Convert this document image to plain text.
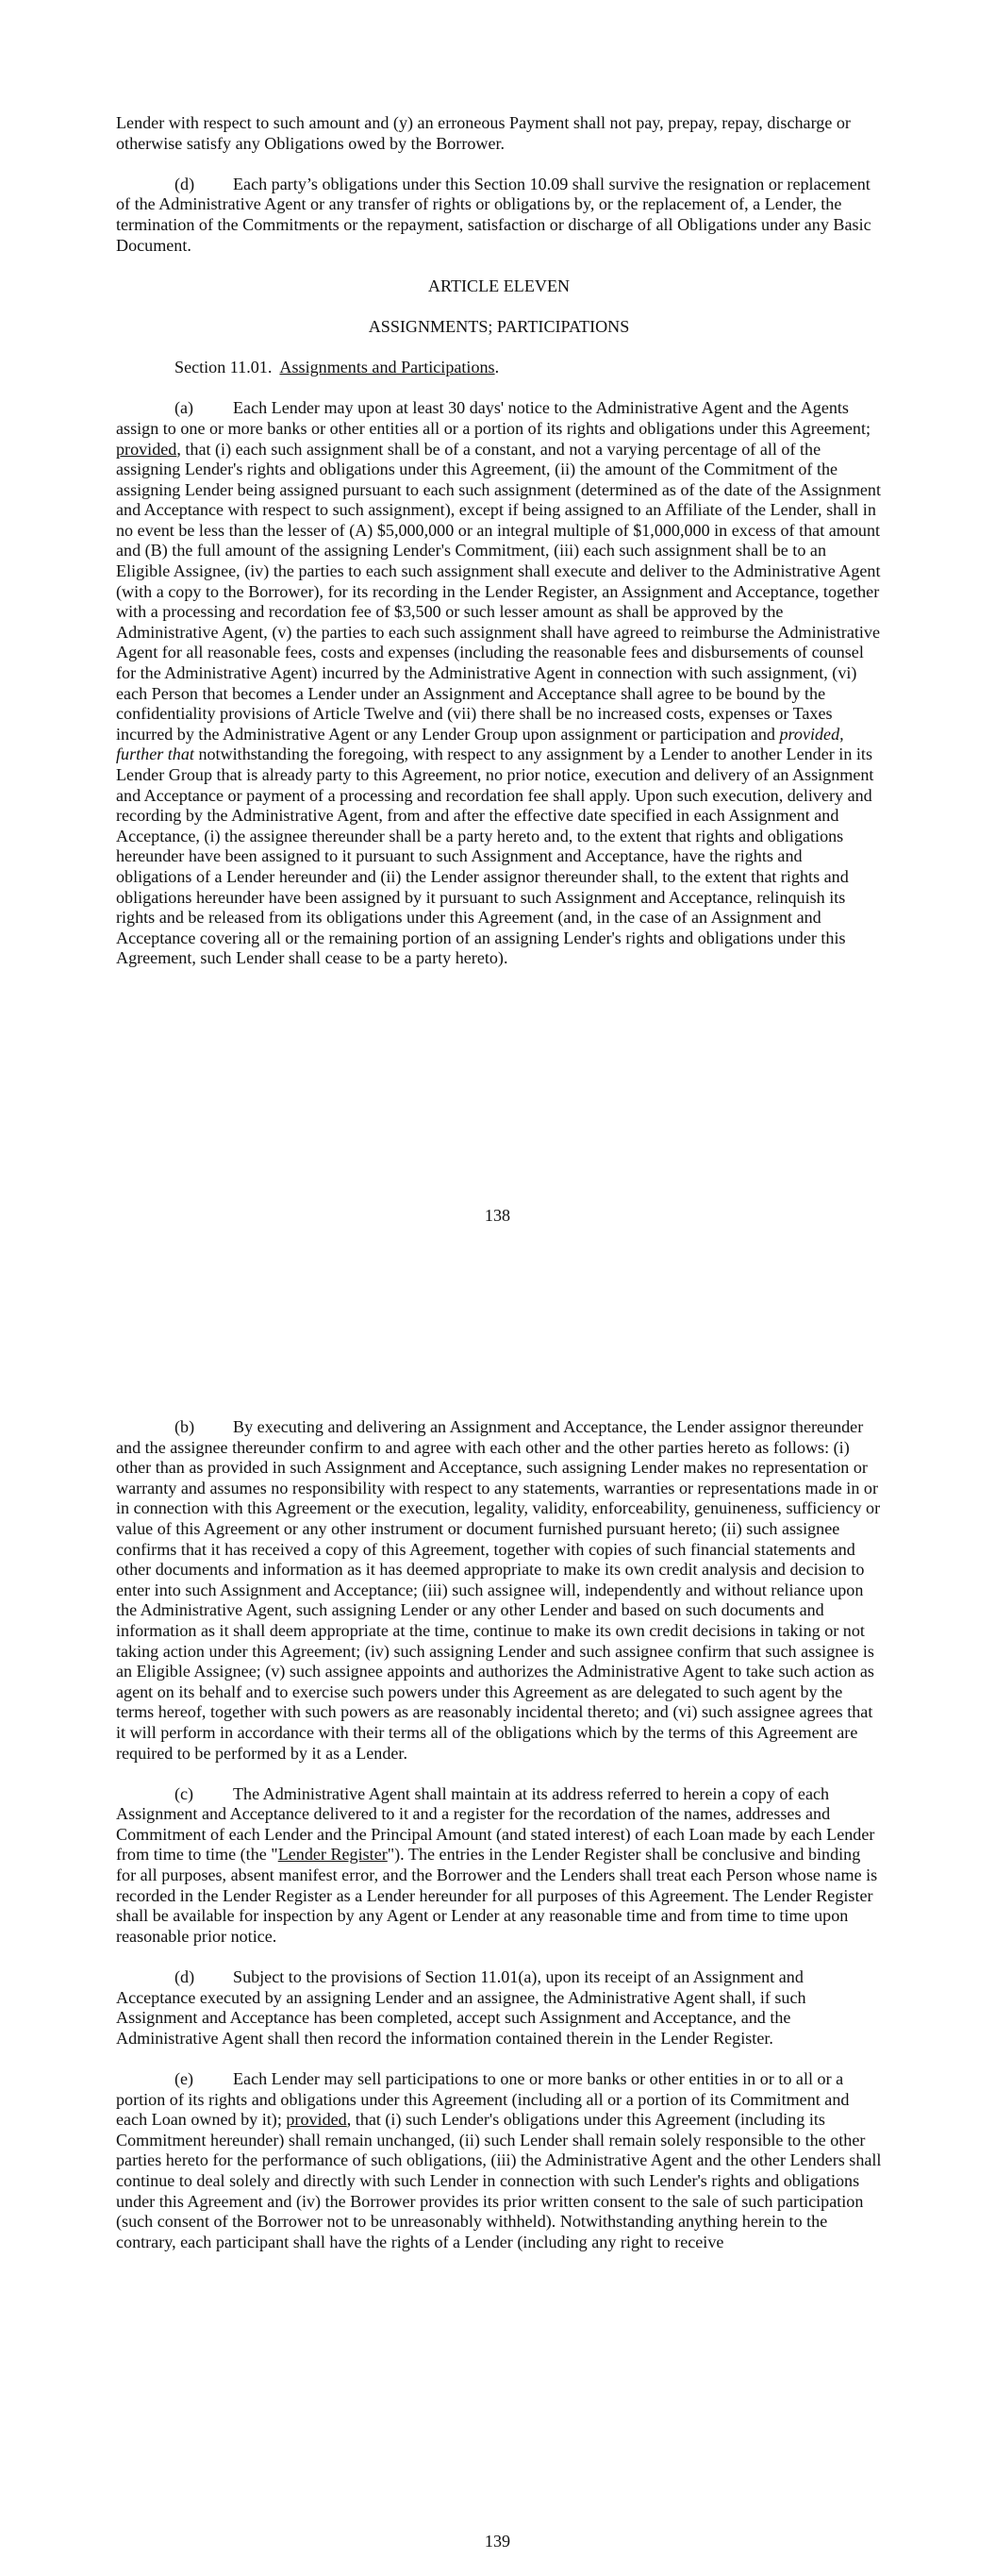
Lender with respect to such amount and (y) an erroneous Payment shall not pay, prepay, repay, discharge or otherwise satisfy any Obligations owed by the Borrower.

(d) Each party’s obligations under this Section 10.09 shall survive the resignation or replacement of the Administrative Agent or any transfer of rights or obligations by, or the replacement of, a Lender, the termination of the Commitments or the repayment, satisfaction or discharge of all Obligations under any Basic Document.

ARTICLE ELEVEN

ASSIGNMENTS; PARTICIPATIONS

Section 11.01. Assignments and Participations.

(a) Each Lender may upon at least 30 days' notice to the Administrative Agent and the Agents assign to one or more banks or other entities all or a portion of its rights and obligations under this Agreement; provided, that (i) each such assignment shall be of a constant, and not a varying percentage of all of the assigning Lender's rights and obligations under this Agreement, (ii) the amount of the Commitment of the assigning Lender being assigned pursuant to each such assignment (determined as of the date of the Assignment and Acceptance with respect to such assignment), except if being assigned to an Affiliate of the Lender, shall in no event be less than the lesser of (A) $5,000,000 or an integral multiple of $1,000,000 in excess of that amount and (B) the full amount of the assigning Lender's Commitment, (iii) each such assignment shall be to an Eligible Assignee, (iv) the parties to each such assignment shall execute and deliver to the Administrative Agent (with a copy to the Borrower), for its recording in the Lender Register, an Assignment and Acceptance, together with a processing and recordation fee of $3,500 or such lesser amount as shall be approved by the Administrative Agent, (v) the parties to each such assignment shall have agreed to reimburse the Administrative Agent for all reasonable fees, costs and expenses (including the reasonable fees and disbursements of counsel for the Administrative Agent) incurred by the Administrative Agent in connection with such assignment, (vi) each Person that becomes a Lender under an Assignment and Acceptance shall agree to be bound by the confidentiality provisions of Article Twelve and (vii) there shall be no increased costs, expenses or Taxes incurred by the Administrative Agent or any Lender Group upon assignment or participation and provided, further that notwithstanding the foregoing, with respect to any assignment by a Lender to another Lender in its Lender Group that is already party to this Agreement, no prior notice, execution and delivery of an Assignment and Acceptance or payment of a processing and recordation fee shall apply. Upon such execution, delivery and recording by the Administrative Agent, from and after the effective date specified in each Assignment and Acceptance, (i) the assignee thereunder shall be a party hereto and, to the extent that rights and obligations hereunder have been assigned to it pursuant to such Assignment and Acceptance, have the rights and obligations of a Lender hereunder and (ii) the Lender assignor thereunder shall, to the extent that rights and obligations hereunder have been assigned by it pursuant to such Assignment and Acceptance, relinquish its rights and be released from its obligations under this Agreement (and, in the case of an Assignment and Acceptance covering all or the remaining portion of an assigning Lender's rights and obligations under this Agreement, such Lender shall cease to be a party hereto).

138

(b) By executing and delivering an Assignment and Acceptance, the Lender assignor thereunder and the assignee thereunder confirm to and agree with each other and the other parties hereto as follows: (i) other than as provided in such Assignment and Acceptance, such assigning Lender makes no representation or warranty and assumes no responsibility with respect to any statements, warranties or representations made in or in connection with this Agreement or the execution, legality, validity, enforceability, genuineness, sufficiency or value of this Agreement or any other instrument or document furnished pursuant hereto; (ii) such assignee confirms that it has received a copy of this Agreement, together with copies of such financial statements and other documents and information as it has deemed appropriate to make its own credit analysis and decision to enter into such Assignment and Acceptance; (iii) such assignee will, independently and without reliance upon the Administrative Agent, such assigning Lender or any other Lender and based on such documents and information as it shall deem appropriate at the time, continue to make its own credit decisions in taking or not taking action under this Agreement; (iv) such assigning Lender and such assignee confirm that such assignee is an Eligible Assignee; (v) such assignee appoints and authorizes the Administrative Agent to take such action as agent on its behalf and to exercise such powers under this Agreement as are delegated to such agent by the terms hereof, together with such powers as are reasonably incidental thereto; and (vi) such assignee agrees that it will perform in accordance with their terms all of the obligations which by the terms of this Agreement are required to be performed by it as a Lender.

(c) The Administrative Agent shall maintain at its address referred to herein a copy of each Assignment and Acceptance delivered to it and a register for the recordation of the names, addresses and Commitment of each Lender and the Principal Amount (and stated interest) of each Loan made by each Lender from time to time (the "Lender Register"). The entries in the Lender Register shall be conclusive and binding for all purposes, absent manifest error, and the Borrower and the Lenders shall treat each Person whose name is recorded in the Lender Register as a Lender hereunder for all purposes of this Agreement. The Lender Register shall be available for inspection by any Agent or Lender at any reasonable time and from time to time upon reasonable prior notice.

(d) Subject to the provisions of Section 11.01(a), upon its receipt of an Assignment and Acceptance executed by an assigning Lender and an assignee, the Administrative Agent shall, if such Assignment and Acceptance has been completed, accept such Assignment and Acceptance, and the Administrative Agent shall then record the information contained therein in the Lender Register.

(e) Each Lender may sell participations to one or more banks or other entities in or to all or a portion of its rights and obligations under this Agreement (including all or a portion of its Commitment and each Loan owned by it); provided, that (i) such Lender's obligations under this Agreement (including its Commitment hereunder) shall remain unchanged, (ii) such Lender shall remain solely responsible to the other parties hereto for the performance of such obligations, (iii) the Administrative Agent and the other Lenders shall continue to deal solely and directly with such Lender in connection with such Lender's rights and obligations under this Agreement and (iv) the Borrower provides its prior written consent to the sale of such participation (such consent of the Borrower not to be unreasonably withheld). Notwithstanding anything herein to the contrary, each participant shall have the rights of a Lender (including any right to receive

139
